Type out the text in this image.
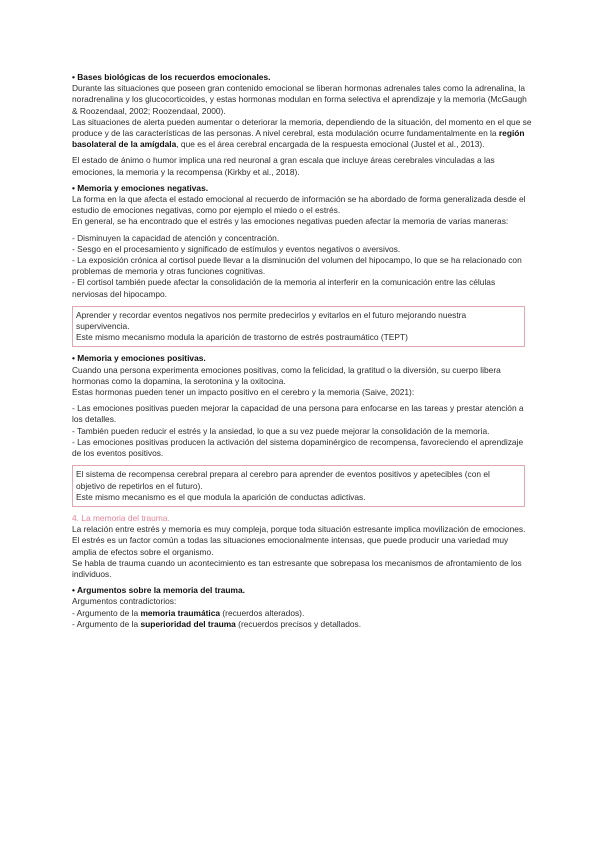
• Bases biológicas de los recuerdos emocionales.

Durante las situaciones que poseen gran contenido emocional se liberan hormonas adrenales tales como la adrenalina, la noradrenalina y los glucocorticoides, y estas hormonas modulan en forma selectiva el aprendizaje y la memoria (McGaugh & Roozendaal, 2002; Roozendaal, 2000).

Las situaciones de alerta pueden aumentar o deteriorar la memoria, dependiendo de la situación, del momento en el que se produce y de las características de las personas. A nivel cerebral, esta modulación ocurre fundamentalmente en la región basolateral de la amígdala, que es el área cerebral encargada de la respuesta emocional (Justel et al., 2013).

El estado de ánimo o humor implica una red neuronal a gran escala que incluye áreas cerebrales vinculadas a las emociones, la memoria y la recompensa (Kirkby et al., 2018).

• Memoria y emociones negativas.

La forma en la que afecta el estado emocional al recuerdo de información se ha abordado de forma generalizada desde el estudio de emociones negativas, como por ejemplo el miedo o el estrés.

En general, se ha encontrado que el estrés y las emociones negativas pueden afectar la memoria de varias maneras:

- Disminuyen la capacidad de atención y concentración.

- Sesgo en el procesamiento y significado de estímulos y eventos negativos o aversivos.

- La exposición crónica al cortisol puede llevar a la disminución del volumen del hipocampo, lo que se ha relacionado con problemas de memoria y otras funciones cognitivas.

- El cortisol también puede afectar la consolidación de la memoria al interferir en la comunicación entre las células nerviosas del hipocampo.

Aprender y recordar eventos negativos nos permite predecirlos y evitarlos en el futuro mejorando nuestra supervivencia.

Este mismo mecanismo modula la aparición de trastorno de estrés postraumático (TEPT)

• Memoria y emociones positivas.

Cuando una persona experimenta emociones positivas, como la felicidad, la gratitud o la diversión, su cuerpo libera hormonas como la dopamina, la serotonina y la oxitocina.

Estas hormonas pueden tener un impacto positivo en el cerebro y la memoria (Saive, 2021):

- Las emociones positivas pueden mejorar la capacidad de una persona para enfocarse en las tareas y prestar atención a los detalles.

- También pueden reducir el estrés y la ansiedad, lo que a su vez puede mejorar la consolidación de la memoria.

- Las emociones positivas producen la activación del sistema dopaminérgico de recompensa, favoreciendo el aprendizaje de los eventos positivos.

El sistema de recompensa cerebral prepara al cerebro para aprender de eventos positivos y apetecibles (con el objetivo de repetirlos en el futuro).

Este mismo mecanismo es el que modula la aparición de conductas adictivas.

4. La memoria del trauma.

La relación entre estrés y memoria es muy compleja, porque toda situación estresante implica movilización de emociones.

El estrés es un factor común a todas las situaciones emocionalmente intensas, que puede producir una variedad muy amplia de efectos sobre el organismo.

Se habla de trauma cuando un acontecimiento es tan estresante que sobrepasa los mecanismos de afrontamiento de los individuos.

• Argumentos sobre la memoria del trauma.

Argumentos contradictorios:

- Argumento de la memoria traumática (recuerdos alterados).

- Argumento de la superioridad del trauma (recuerdos precisos y detallados.
